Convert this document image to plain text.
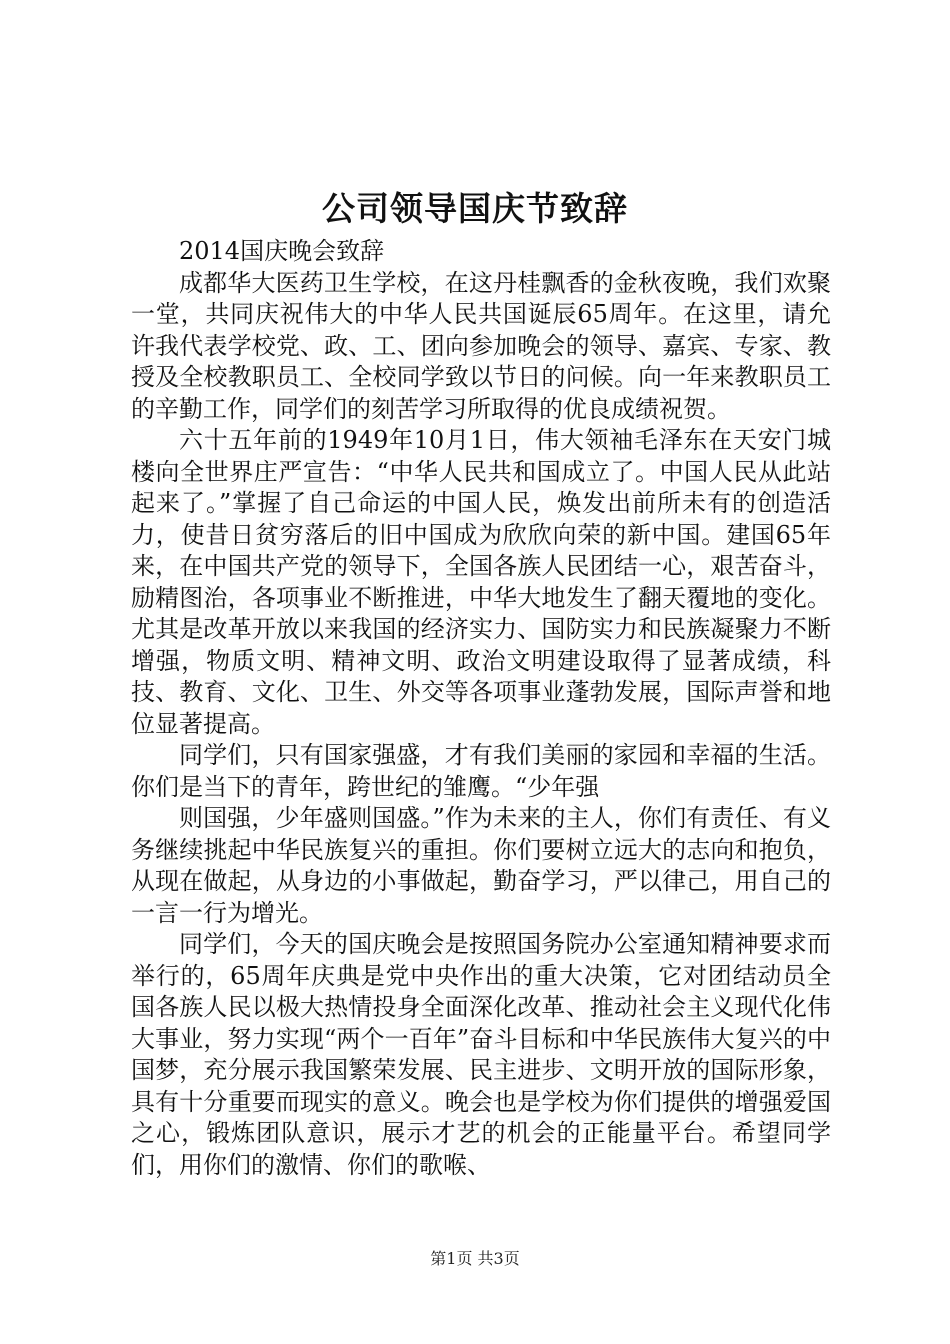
公司领导国庆节致辞

2014国庆晚会致辞

成都华大医药卫生学校，在这丹桂飘香的金秋夜晚，我们欢聚一堂，共同庆祝伟大的中华人民共国诞辰65周年。在这里，请允许我代表学校党、政、工、团向参加晚会的领导、嘉宾、专家、教授及全校教职员工、全校同学致以节日的问候。向一年来教职员工的辛勤工作，同学们的刻苦学习所取得的优良成绩祝贺。

六十五年前的1949年10月1日，伟大领袖毛泽东在天安门城楼向全世界庄严宣告：“中华人民共和国成立了。中国人民从此站起来了。”掌握了自己命运的中国人民，焕发出前所未有的创造活力，使昔日贫穷落后的旧中国成为欣欣向荣的新中国。建国65年来，在中国共产党的领导下，全国各族人民团结一心，艰苦奋斗，励精图治，各项事业不断推进，中华大地发生了翻天覆地的变化。尤其是改革开放以来我国的经济实力、国防实力和民族凝聚力不断增强，物质文明、精神文明、政治文明建设取得了显著成绩，科技、教育、文化、卫生、外交等各项事业蓬勃发展，国际声誉和地位显著提高。

同学们，只有国家强盛，才有我们美丽的家园和幸福的生活。你们是当下的青年，跨世纪的雏鹰。“少年强

则国强，少年盛则国盛。”作为未来的主人，你们有责任、有义务继续挑起中华民族复兴的重担。你们要树立远大的志向和抱负，从现在做起，从身边的小事做起，勤奋学习，严以律己，用自己的一言一行为增光。

同学们，今天的国庆晚会是按照国务院办公室通知精神要求而举行的，65周年庆典是党中央作出的重大决策，它对团结动员全国各族人民以极大热情投身全面深化改革、推动社会主义现代化伟大事业，努力实现“两个一百年”奋斗目标和中华民族伟大复兴的中国梦，充分展示我国繁荣发展、民主进步、文明开放的国际形象，具有十分重要而现实的意义。晚会也是学校为你们提供的增强爱国之心，锻炼团队意识，展示才艺的机会的正能量平台。希望同学们，用你们的激情、你们的歌喉、

第1页 共3页
